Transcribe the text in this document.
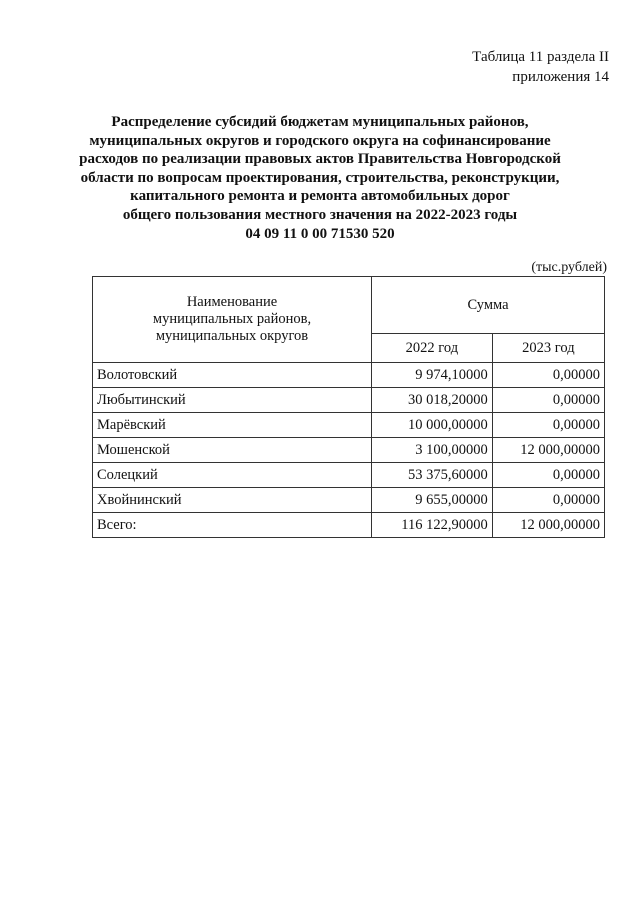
Таблица 11 раздела II
приложения 14
Распределение субсидий бюджетам муниципальных районов,
муниципальных округов и городского округа на софинансирование
расходов по реализации правовых актов Правительства Новгородской
области по вопросам проектирования, строительства, реконструкции,
капитального ремонта и ремонта автомобильных дорог
общего пользования местного значения на 2022-2023 годы
04 09 11 0 00 71530 520
(тыс.рублей)
Наименование
муниципальных районов,
муниципальных округов	Сумма	
	2022 год	2023 год
Волотовский	9 974,10000	0,00000
Любытинский	30 018,20000	0,00000
Марёвский	10 000,00000	0,00000
Мошенской	3 100,00000	12 000,00000
Солецкий	53 375,60000	0,00000
Хвойнинский	9 655,00000	0,00000
Всего:	116 122,90000	12 000,00000
